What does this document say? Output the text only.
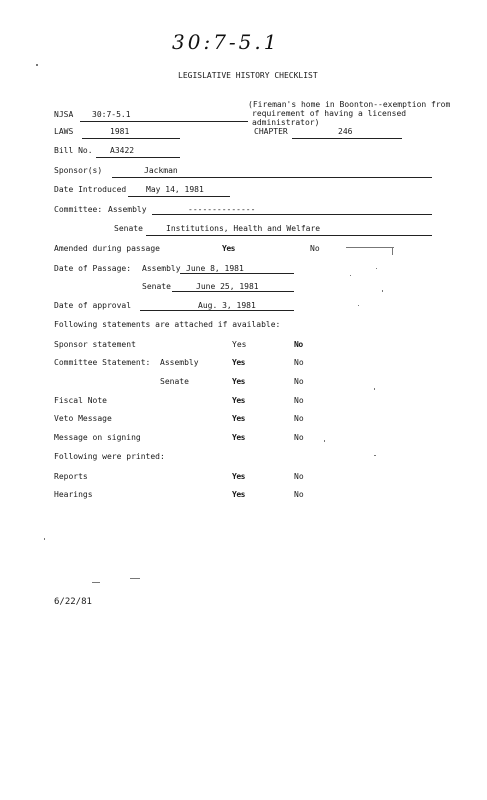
30:7-5.1
LEGISLATIVE HISTORY CHECKLIST
NJSA 30:7-5.1
(Fireman's home in Boonton--exemption from
requirement of having a licensed
administrator)
LAWS	1981	CHAPTER	246
Bill No. A3422
Sponsor(s)	Jackman
Date Introduced May 14, 1981
Committee: Assembly	--------------
Senate	Institutions, Health and Welfare
Amended during passage	Yes	No
Date of Passage: Assembly June 8, 1981
Senate	June 25, 1981
Date of approval	Aug. 3, 1981
Following statements are attached if available:
Sponsor statement	Yes	No
Committee Statement: Assembly	Yes	No
Senate	Yes	No
Fiscal Note	Yes	No
Veto Message	Yes	No
Message on signing	Yes	No
Following were printed:
Reports	Yes	No
Hearings	Yes	No
6/22/81
